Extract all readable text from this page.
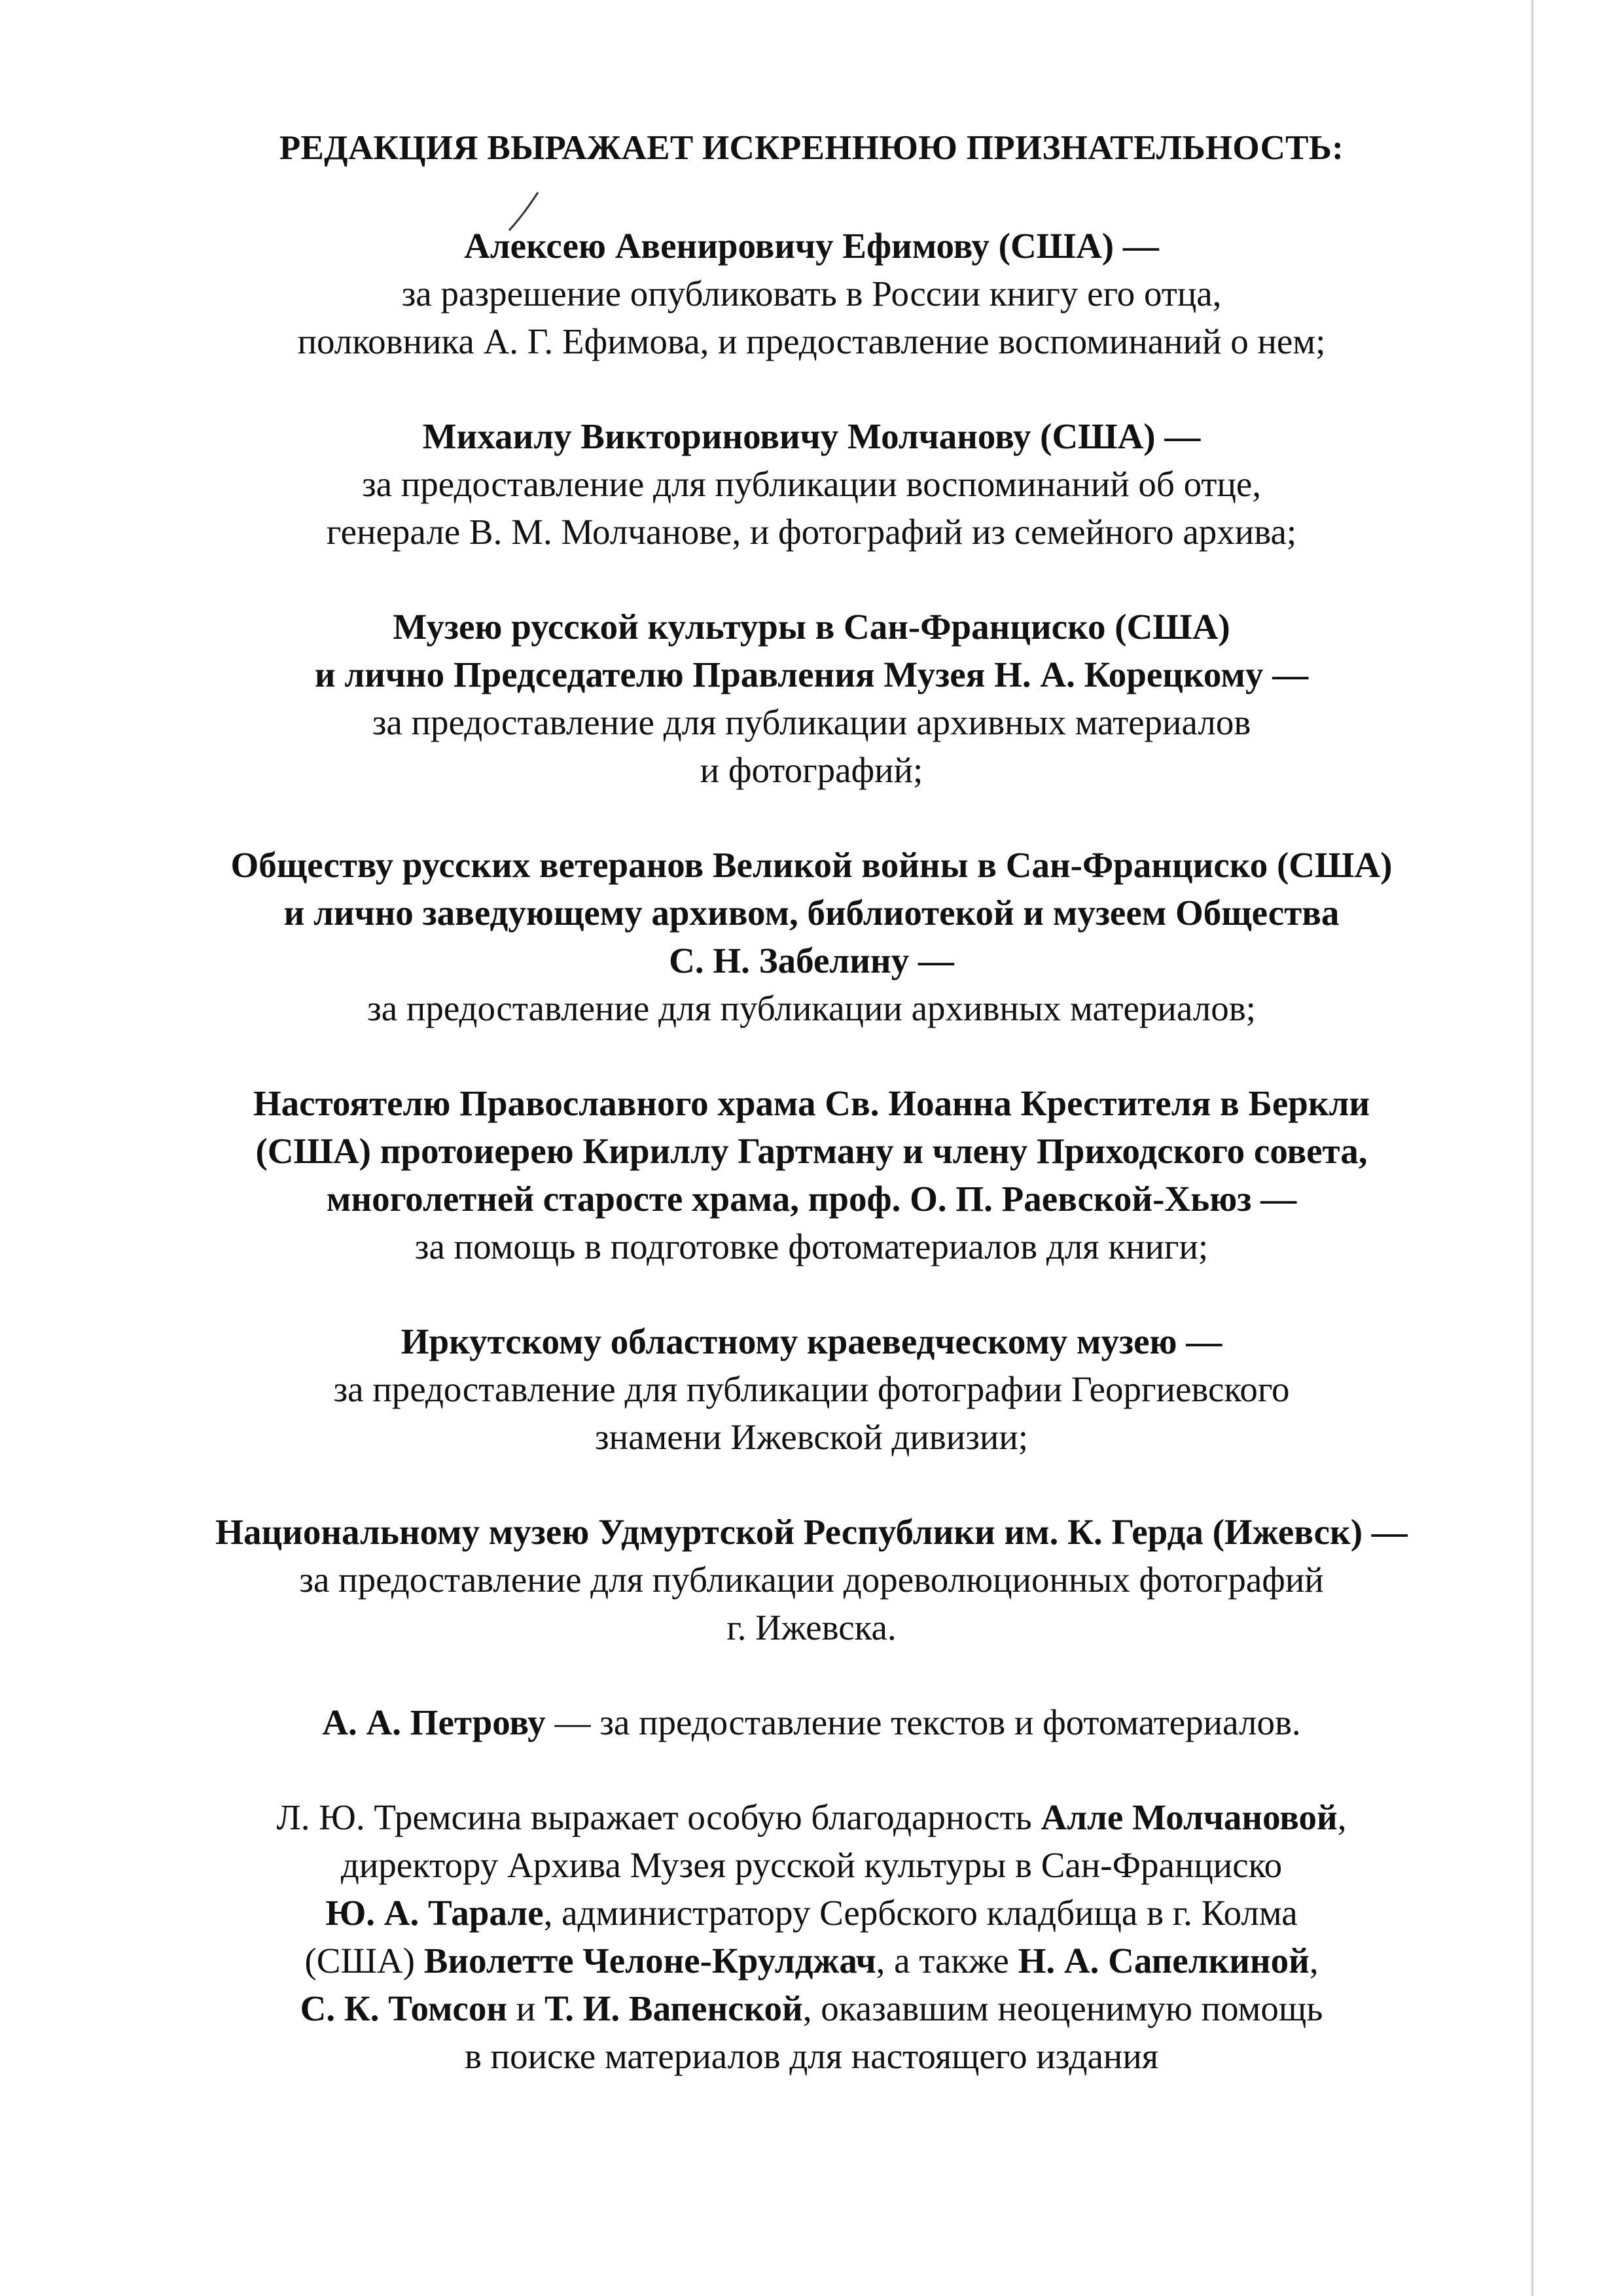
РЕДАКЦИЯ ВЫРАЖАЕТ ИСКРЕННЮЮ ПРИЗНАТЕЛЬНОСТЬ:
Алексею Авенировичу Ефимову (США) —
за разрешение опубликовать в России книгу его отца,
полковника А. Г. Ефимова, и предоставление воспоминаний о нем;
Михаилу Викториновичу Молчанову (США) —
за предоставление для публикации воспоминаний об отце,
генерале В. М. Молчанове, и фотографий из семейного архива;
Музею русской культуры в Сан-Франциско (США)
и лично Председателю Правления Музея Н. А. Корецкому —
за предоставление для публикации архивных материалов
и фотографий;
Обществу русских ветеранов Великой войны в Сан-Франциско (США)
и лично заведующему архивом, библиотекой и музеем Общества
С. Н. Забелину —
за предоставление для публикации архивных материалов;
Настоятелю Православного храма Св. Иоанна Крестителя в Беркли
(США) протоиерею Кириллу Гартману и члену Приходского совета,
многолетней старосте храма, проф. О. П. Раевской-Хьюз —
за помощь в подготовке фотоматериалов для книги;
Иркутскому областному краеведческому музею —
за предоставление для публикации фотографии Георгиевского
знамени Ижевской дивизии;
Национальному музею Удмуртской Республики им. К. Герда (Ижевск) —
за предоставление для публикации дореволюционных фотографий
г. Ижевска.
А. А. Петрову — за предоставление текстов и фотоматериалов.
Л. Ю. Тремсина выражает особую благодарность Алле Молчановой,
директору Архива Музея русской культуры в Сан-Франциско
Ю. А. Тарале, администратору Сербского кладбища в г. Колма
(США) Виолетте Челоне-Крулджач, а также Н. А. Сапелкиной,
С. К. Томсон и Т. И. Вапенской, оказавшим неоценимую помощь
в поиске материалов для настоящего издания
